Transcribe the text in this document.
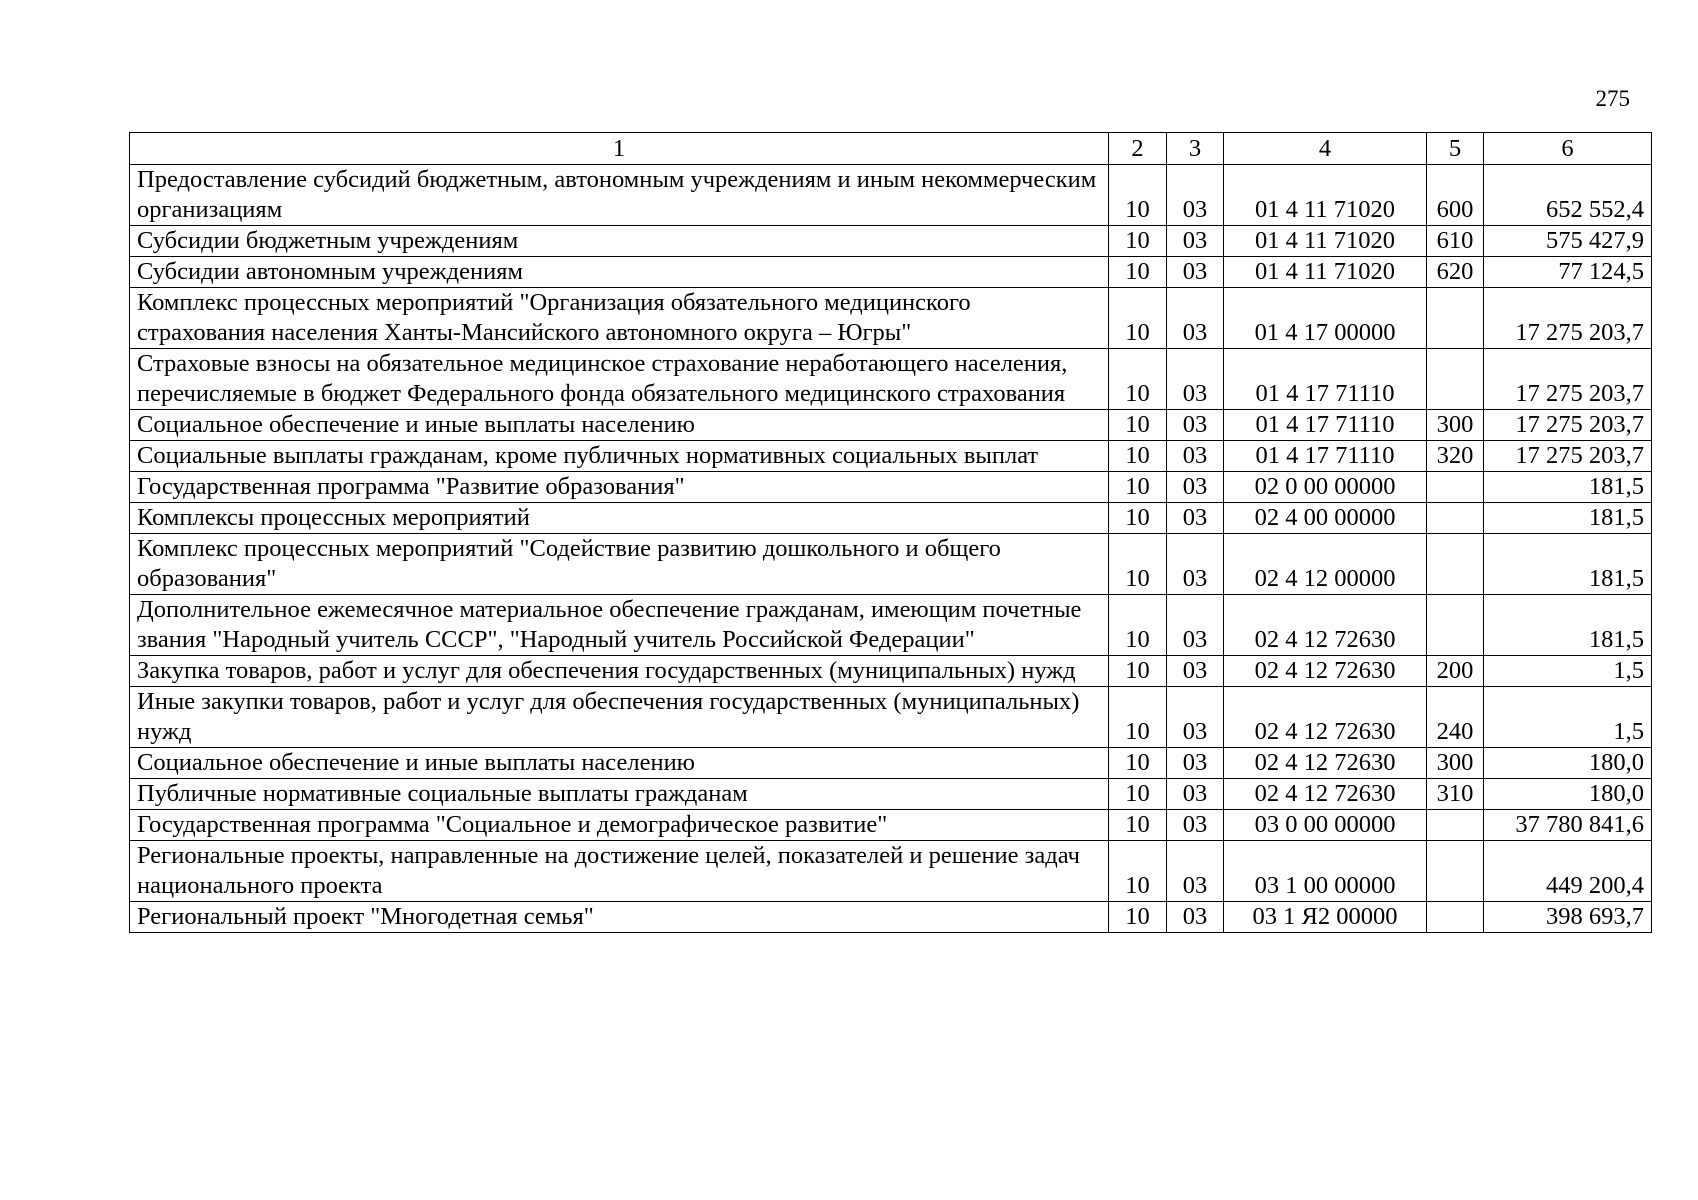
275
1	2	3	4	5	6
Предоставление субсидий бюджетным, автономным учреждениям и иным некоммерческим организациям	10	03	01 4 11 71020	600	652 552,4
Субсидии бюджетным учреждениям	10	03	01 4 11 71020	610	575 427,9
Субсидии автономным учреждениям	10	03	01 4 11 71020	620	77 124,5
Комплекс процессных мероприятий "Организация обязательного медицинского страхования населения Ханты-Мансийского автономного округа – Югры"	10	03	01 4 17 00000		17 275 203,7
Страховые взносы на обязательное медицинское страхование неработающего населения, перечисляемые в бюджет Федерального фонда обязательного медицинского страхования	10	03	01 4 17 71110		17 275 203,7
Социальное обеспечение и иные выплаты населению	10	03	01 4 17 71110	300	17 275 203,7
Социальные выплаты гражданам, кроме публичных нормативных социальных выплат	10	03	01 4 17 71110	320	17 275 203,7
Государственная программа "Развитие образования"	10	03	02 0 00 00000		181,5
Комплексы процессных мероприятий	10	03	02 4 00 00000		181,5
Комплекс процессных мероприятий "Содействие развитию дошкольного и общего образования"	10	03	02 4 12 00000		181,5
Дополнительное ежемесячное материальное обеспечение гражданам, имеющим почетные звания "Народный учитель СССР", "Народный учитель Российской Федерации"	10	03	02 4 12 72630		181,5
Закупка товаров, работ и услуг для обеспечения государственных (муниципальных) нужд	10	03	02 4 12 72630	200	1,5
Иные закупки товаров, работ и услуг для обеспечения государственных (муниципальных) нужд	10	03	02 4 12 72630	240	1,5
Социальное обеспечение и иные выплаты населению	10	03	02 4 12 72630	300	180,0
Публичные нормативные социальные выплаты гражданам	10	03	02 4 12 72630	310	180,0
Государственная программа "Социальное и демографическое развитие"	10	03	03 0 00 00000		37 780 841,6
Региональные проекты, направленные на достижение целей, показателей и решение задач национального проекта	10	03	03 1 00 00000		449 200,4
Региональный проект "Многодетная семья"	10	03	03 1 Я2 00000		398 693,7
